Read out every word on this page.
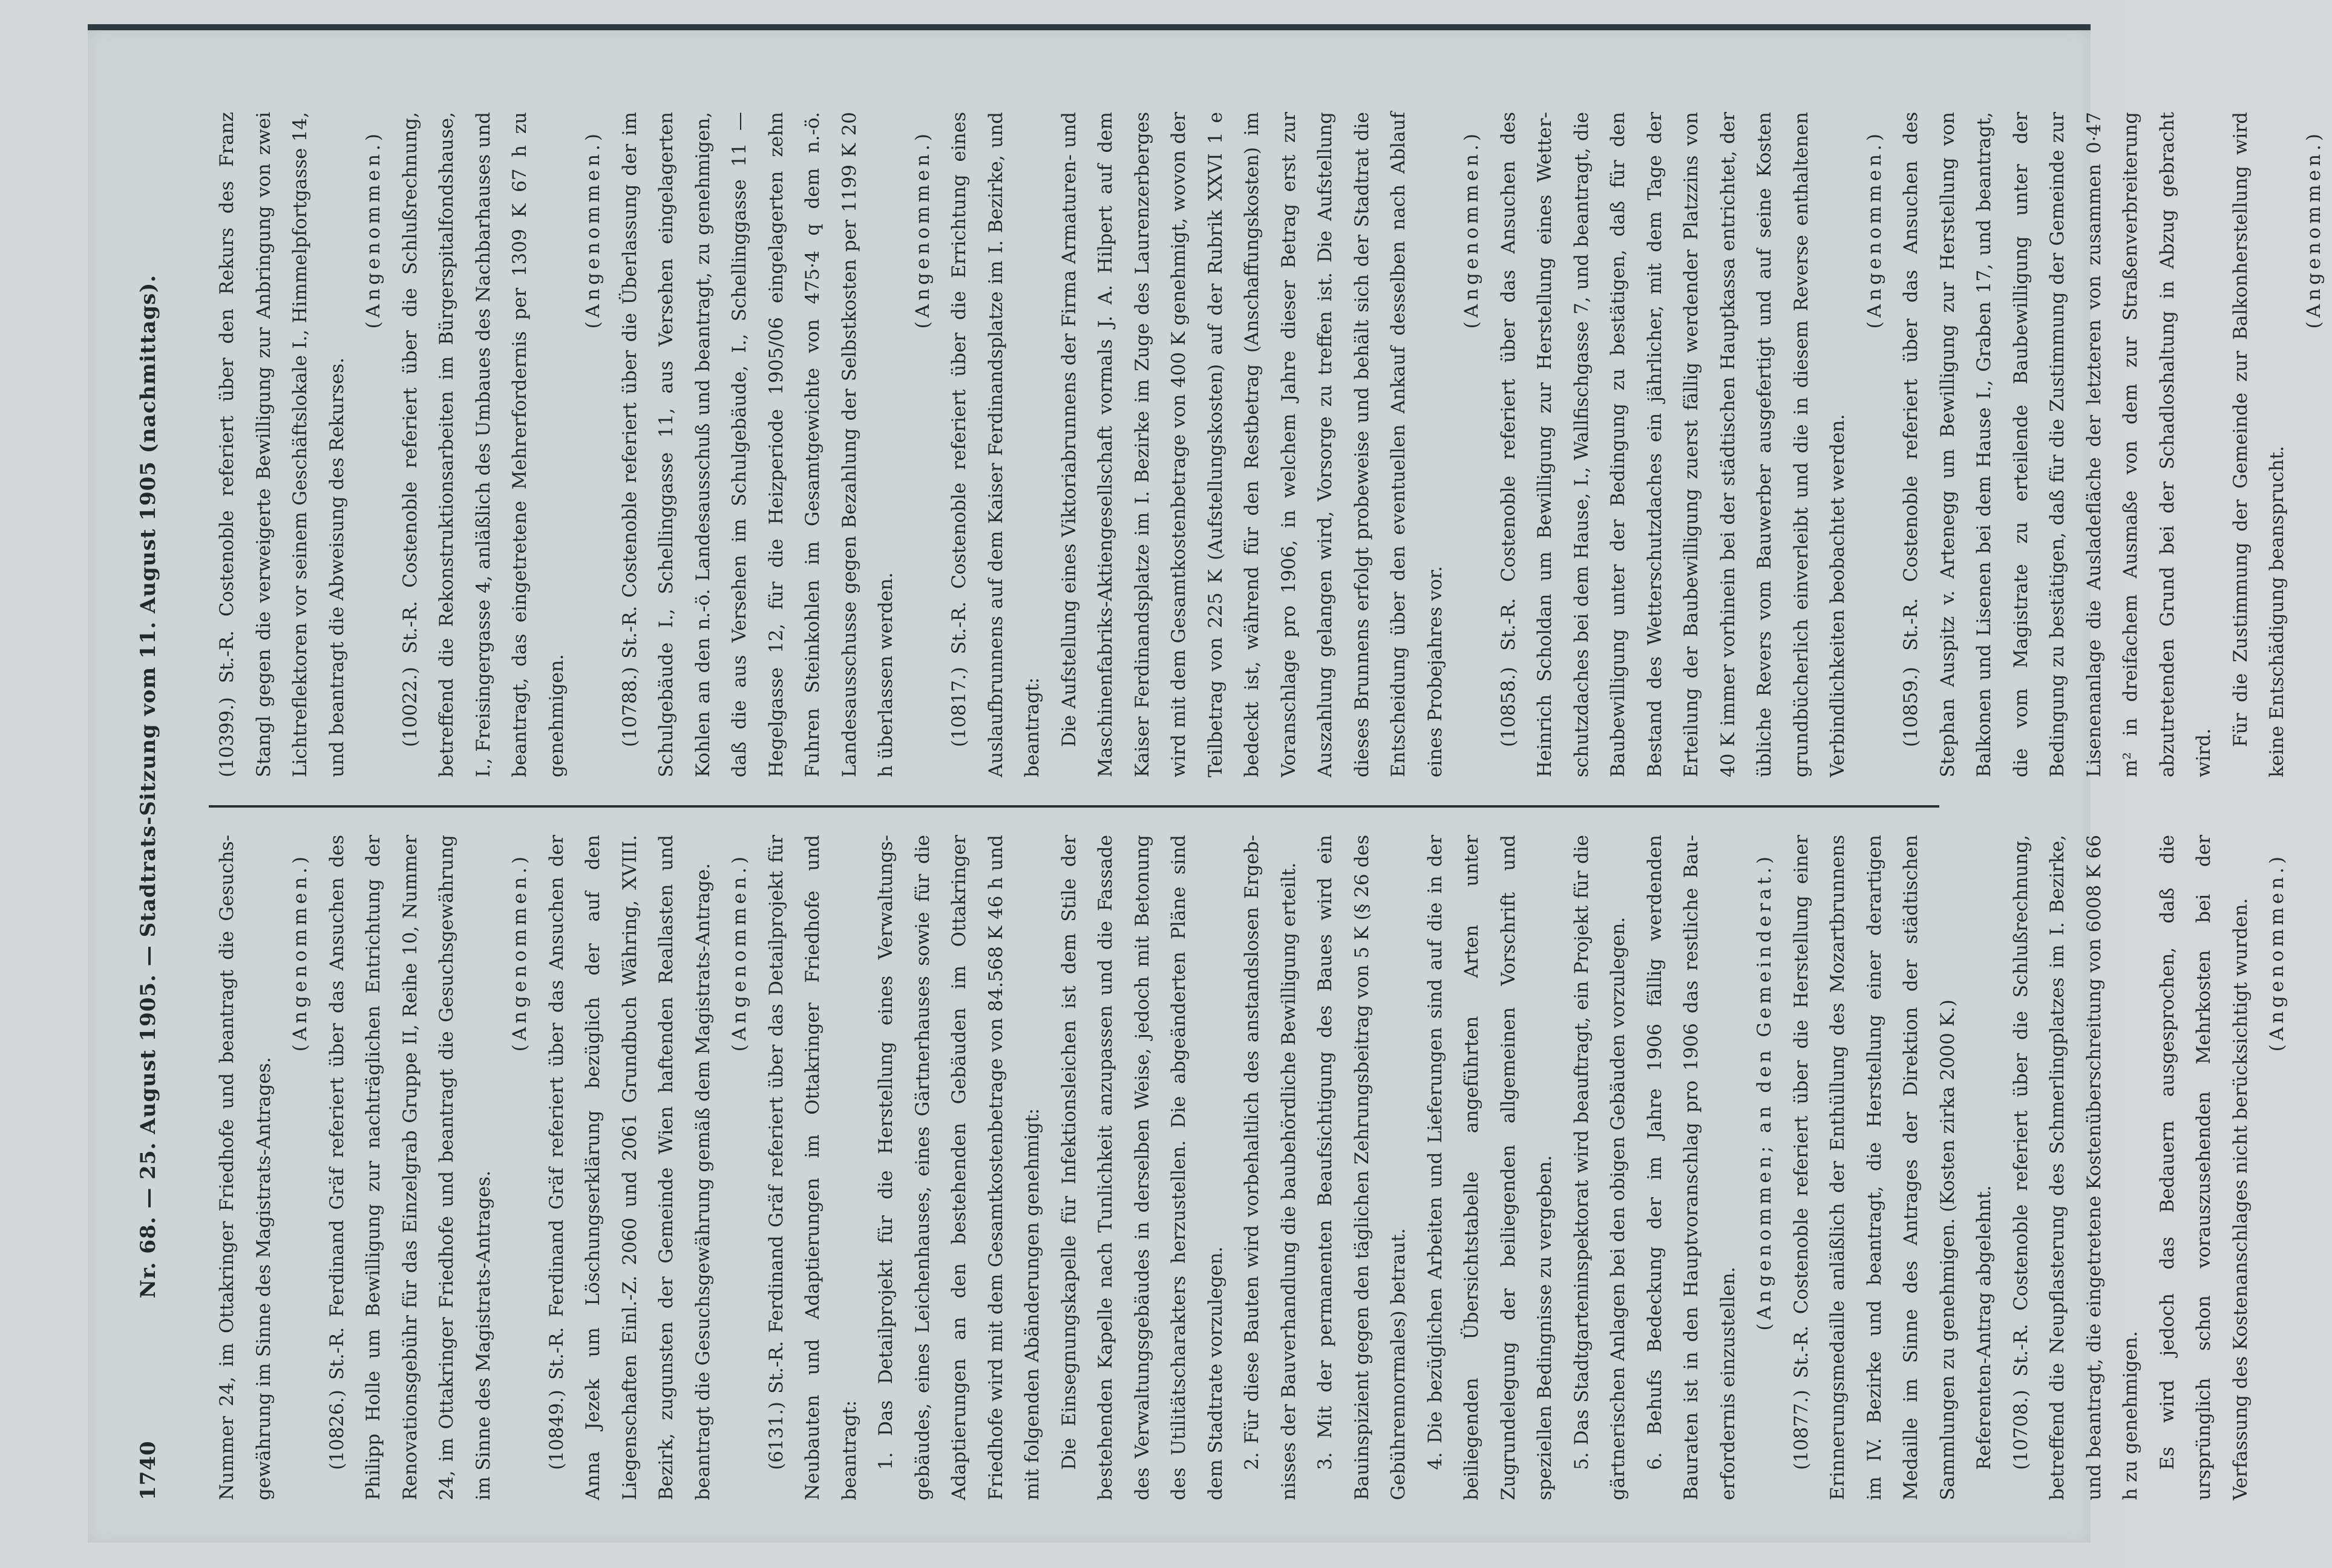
1740
Nr. 68. — 25. August 1905. — Stadtrats-Sitzung vom 11. August 1905 (nachmittags).	Nummer 24, im Ottakringer Friedhofe und beantragt die Gesuchsgewährung im Sinne des Magistrats-Antrages.

(Angenommen.) (10826.) St.-R. Ferdinand Gräf referiert über das Ansuchen des Philipp Holle um Bewilligung zur nachträglichen Entrichtung der Renovationsgebühr für das Einzelgrab Gruppe II, Reihe 10, Nummer 24, im Ottakringer Friedhofe und beantragt die Gesuchsgewährung im Sinne des Magistrats-Antrages.

(Angenommen.) (10849.) St.-R. Ferdinand Gräf referiert über das Ansuchen der Anna Jezek um Löschungserklärung bezüglich der auf den Liegenschaften Einl.-Z. 2060 und 2061 Grundbuch Währing, XVIII. Bezirk, zugunsten der Gemeinde Wien haftenden Reallasten und beantragt die Gesuchsgewährung gemäß dem Magistrats-Antrage. (Angenommen.) (6131.) St.-R. Ferdinand Gräf referiert über das Detailprojekt für Neubauten und Adaptierungen im Ottakringer Friedhofe und beantragt: 1. Das Detailprojekt für die Herstellung eines Verwaltungsgebäudes, eines Leichenhauses, eines Gärtnerhauses sowie für die Adaptierungen an den bestehenden Gebäuden im Ottakringer Friedhofe wird mit dem Gesamtkostenbetrage von 84.568 K 46 h und mit folgenden Abänderungen genehmigt: Die Einsegnungskapelle für Infektionsleichen ist dem Stile der bestehenden Kapelle nach Tunlichkeit anzupassen und die Fassade des Verwaltungsgebäudes in derselben Weise, jedoch mit Betonung des Utilitätscharakters herzustellen. Die abgeänderten Pläne sind dem Stadtrate vorzulegen. 2. Für diese Bauten wird vorbehaltlich des anstandslosen Ergebnisses der Bauverhandlung die baubehördliche Bewilligung erteilt. 3. Mit der permanenten Beaufsichtigung des Baues wird ein Bauinspizient gegen den täglichen Zehrungsbeitrag von 5 K (§ 26 des Gebührennormales) betraut. 4. Die bezüglichen Arbeiten und Lieferungen sind auf die in der beiliegenden Übersichtstabelle angeführten Arten unter Zugrundelegung der beiliegenden allgemeinen Vorschrift und speziellen Bedingnisse zu vergeben. 5. Das Stadtgarteninspektorat wird beauftragt, ein Projekt für die gärtnerischen Anlagen bei den obigen Gebäuden vorzulegen. 6. Behufs Bedeckung der im Jahre 1906 fällig werdenden Bauraten ist in den Hauptvoranschlag pro 1906 das restliche Bauerfordernis einzustellen.

(Angenommen; an den Gemeinderat.) (10877.) St.-R. Costenoble referiert über die Herstellung einer Erinnerungsmedaille anläßlich der Enthüllung des Mozartbrunnens im IV. Bezirke und beantragt, die Herstellung einer derartigen Medaille im Sinne des Antrages der Direktion der städtischen Sammlungen zu genehmigen. (Kosten zirka 2000 K.) Referenten-Antrag abgelehnt. (10708.) St.-R. Costenoble referiert über die Schlußrechnung, betreffend die Neupflasterung des Schmerlingplatzes im I. Bezirke, und beantragt, die eingetretene Kostenüberschreitung von 6008 K 66 h zu genehmigen. Es wird jedoch das Bedauern ausgesprochen, daß die ursprünglich schon vorauszusehenden Mehrkosten bei der Verfassung des Kostenanschlages nicht berücksichtigt wurden. (Angenommen.)

(10399.) St.-R. Costenoble referiert über den Rekurs des Franz Stangl gegen die verweigerte Bewilligung zur Anbringung von zwei Lichtreflektoren vor seinem Geschäftslokale I., Himmelpfortgasse 14, und beantragt die Abweisung des Rekurses.

(Angenommen.) (10022.) St.-R. Costenoble referiert über die Schlußrechnung, betreffend die Rekonstruktionsarbeiten im Bürgerspitalfondshause, I., Freisingergasse 4, anläßlich des Umbaues des Nachbarhauses und beantragt, das eingetretene Mehrerfordernis per 1309 K 67 h zu genehmigen.

(Angenommen.) (10788.) St.-R. Costenoble referiert über die Überlassung der im Schulgebäude I., Schellinggasse 11, aus Versehen eingelagerten Kohlen an den n.-ö. Landesausschuß und beantragt, zu genehmigen, daß die aus Versehen im Schulgebäude, I., Schellinggasse 11 — Hegelgasse 12, für die Heizperiode 1905/06 eingelagerten zehn Fuhren Steinkohlen im Gesamtgewichte von 475·4 q dem n.-ö. Landesausschusse gegen Bezahlung der Selbstkosten per 1199 K 20 h überlassen werden.

(Angenommen.) (10817.) St.-R. Costenoble referiert über die Errichtung eines Auslaufbrunnens auf dem Kaiser Ferdinandsplatze im I. Bezirke, und beantragt: Die Aufstellung eines Viktoriabrunnens der Firma Armaturen- und Maschinenfabriks-Aktiengesellschaft vormals J. A. Hilpert auf dem Kaiser Ferdinandsplatze im I. Bezirke im Zuge des Laurenzerberges wird mit dem Gesamtkostenbetrage von 400 K genehmigt, wovon der Teilbetrag von 225 K (Aufstellungskosten) auf der Rubrik XXVI 1 e bedeckt ist, während für den Restbetrag (Anschaffungskosten) im Voranschlage pro 1906, in welchem Jahre dieser Betrag erst zur Auszahlung gelangen wird, Vorsorge zu treffen ist. Die Aufstellung dieses Brunnens erfolgt probeweise und behält sich der Stadtrat die Entscheidung über den eventuellen Ankauf desselben nach Ablauf eines Probejahres vor.

(Angenommen.) (10858.) St.-R. Costenoble referiert über das Ansuchen des Heinrich Scholdan um Bewilligung zur Herstellung eines Wetterschutzdaches bei dem Hause, I., Wallfischgasse 7, und beantragt, die Baubewilligung unter der Bedingung zu bestätigen, daß für den Bestand des Wetterschutzdaches ein jährlicher, mit dem Tage der Erteilung der Baubewilligung zuerst fällig werdender Platzzins von 40 K immer vorhinein bei der städtischen Hauptkassa entrichtet, der übliche Revers vom Bauwerber ausgefertigt und auf seine Kosten grundbücherlich einverleibt und die in diesem Reverse enthaltenen Verbindlichkeiten beobachtet werden.

(Angenommen.) (10859.) St.-R. Costenoble referiert über das Ansuchen des Stephan Auspitz v. Artenegg um Bewilligung zur Herstellung von Balkonen und Lisenen bei dem Hause I., Graben 17, und beantragt, die vom Magistrate zu erteilende Baubewilligung unter der Bedingung zu bestätigen, daß für die Zustimmung der Gemeinde zur Lisenenanlage die Ausladefläche der letzteren von zusammen 0·47 m² in dreifachem Ausmaße von dem zur Straßenverbreiterung abzutretenden Grund bei der Schadloshaltung in Abzug gebracht wird.

Für die Zustimmung der Gemeinde zur Balkonherstellung wird keine Entschädigung beansprucht.

(Angenommen.)
